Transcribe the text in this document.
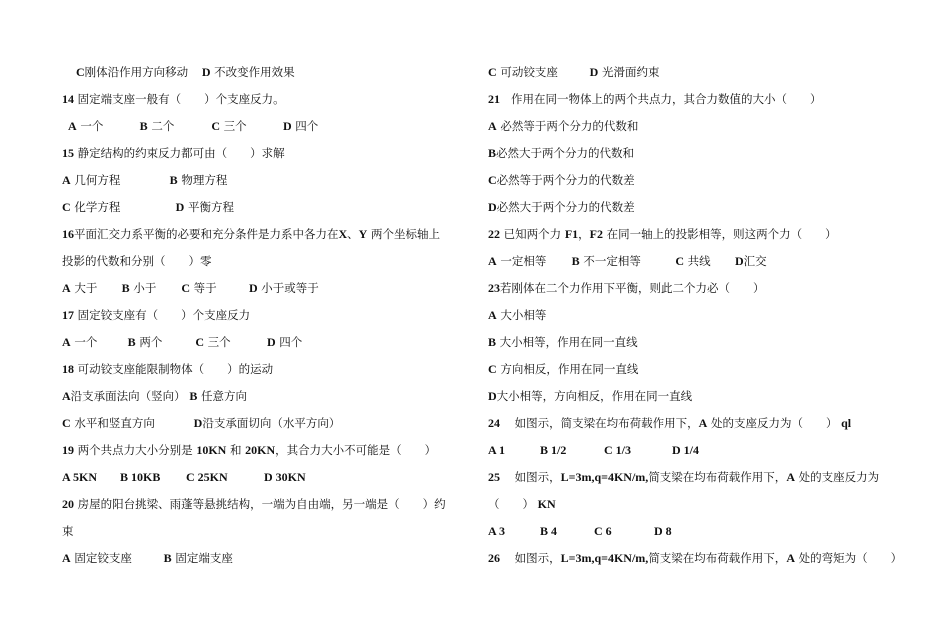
C刚体沿作用方向移动 D 不改变作用效果
14 固定端支座一般有（　　）个支座反力。
A 一个	B 二个	C 三个	D 四个
15 静定结构的约束反力都可由（　　）求解
A 几何方程	B 物理方程
C 化学方程	D 平衡方程
16平面汇交力系平衡的必要和充分条件是力系中各力在X、Y 两个坐标轴上
投影的代数和分别（　　）零
A 大于 B 小于 C 等于	D 小于或等于
17 固定铰支座有（　　）个支座反力
A 一个	B 两个	C 三个	D 四个
18 可动铰支座能限制物体（　　）的运动
A沿支承面法向（竖向） B 任意方向
C 水平和竖直方向	D沿支承面切向（水平方向）
19 两个共点力大小分别是 10KN 和 20KN，其合力大小不可能是（　　）
A 5KN B 10KB C 25KN	D 30KN
20 房屋的阳台挑梁、雨蓬等悬挑结构，一端为自由端，另一端是（　　）约
束
A 固定铰支座	B 固定端支座
C 可动铰支座	D 光滑面约束
21 作用在同一物体上的两个共点力，其合力数值的大小（　　）
A 必然等于两个分力的代数和
B必然大于两个分力的代数和
C必然等于两个分力的代数差
D必然大于两个分力的代数差
22 已知两个力 F1，F2 在同一轴上的投影相等，则这两个力（　　）
A 一定相等 B 不一定相等	C 共线 D汇交
23若刚体在二个力作用下平衡，则此二个力必（　　）
A 大小相等
B 大小相等，作用在同一直线
C 方向相反，作用在同一直线
D大小相等，方向相反，作用在同一直线
24 如图示，简支梁在均布荷载作用下，A 处的支座反力为（　　） ql
A 1	B 1/2	C 1/3	D 1/4
25 如图示，L=3m,q=4KN/m,简支梁在均布荷载作用下，A 处的支座反力为
（　　） KN
A 3	B 4	C 6	D 8
26 如图示，L=3m,q=4KN/m,简支梁在均布荷载作用下，A 处的弯矩为（　　）
